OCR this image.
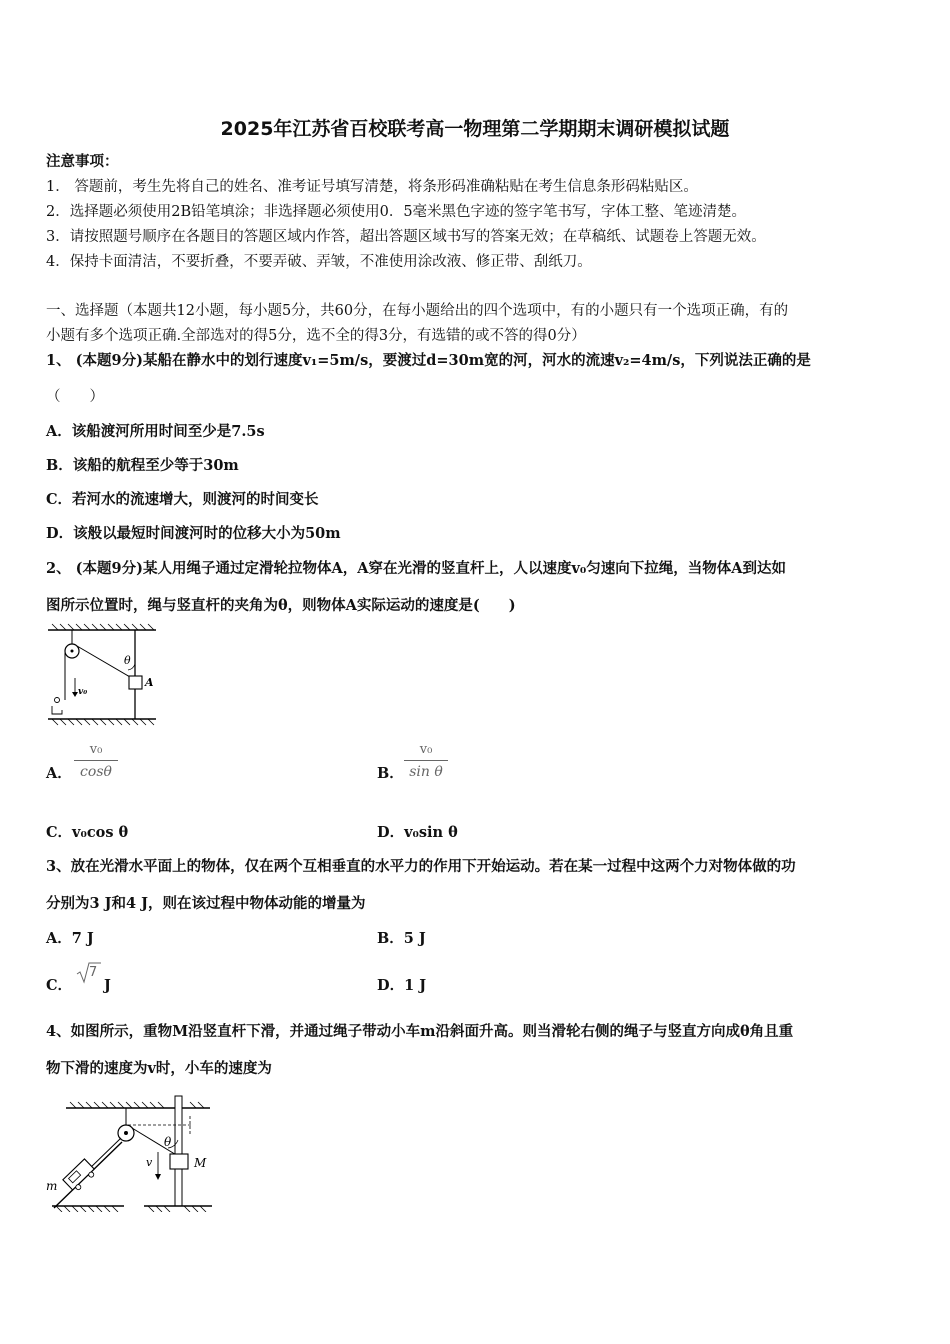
2025年江苏省百校联考高一物理第二学期期末调研模拟试题
注意事项：
1． 答题前，考生先将自己的姓名、准考证号填写清楚，将条形码准确粘贴在考生信息条形码粘贴区。
2．选择题必须使用2B铅笔填涂；非选择题必须使用0．5毫米黑色字迹的签字笔书写，字体工整、笔迹清楚。
3．请按照题号顺序在各题目的答题区域内作答，超出答题区域书写的答案无效；在草稿纸、试题卷上答题无效。
4．保持卡面清洁，不要折叠，不要弄破、弄皱，不准使用涂改液、修正带、刮纸刀。
一、选择题（本题共12小题，每小题5分，共60分，在每小题给出的四个选项中，有的小题只有一个选项正确，有的
小题有多个选项正确.全部选对的得5分，选不全的得3分，有选错的或不答的得0分）
1、 (本题9分)某船在静水中的划行速度v₁=5m/s，要渡过d=30m宽的河，河水的流速v₂=4m/s，下列说法正确的是
（　　）
A．该船渡河所用时间至少是7.5s
B．该船的航程至少等于30m
C．若河水的流速增大，则渡河的时间变长
D．该般以最短时间渡河时的位移大小为50m
2、 (本题9分)某人用绳子通过定滑轮拉物体A，A穿在光滑的竖直杆上，人以速度v₀匀速向下拉绳，当物体A到达如
图所示位置时，绳与竖直杆的夹角为θ，则物体A实际运动的速度是(　　)
θ
A
v₀
A．
v₀
cosθ	B．
v₀
sin θ
C．v₀cos θ	D．v₀sin θ
3、放在光滑水平面上的物体，仅在两个互相垂直的水平力的作用下开始运动。若在某一过程中这两个力对物体做的功
分别为3 J和4 J，则在该过程中物体动能的增量为
A．7 J	B．5 J
C．
7
J	D．1 J
4、如图所示，重物M沿竖直杆下滑，并通过绳子带动小车m沿斜面升高。则当滑轮右侧的绳子与竖直方向成θ角且重
物下滑的速度为v时，小车的速度为
θ
M
m
v
